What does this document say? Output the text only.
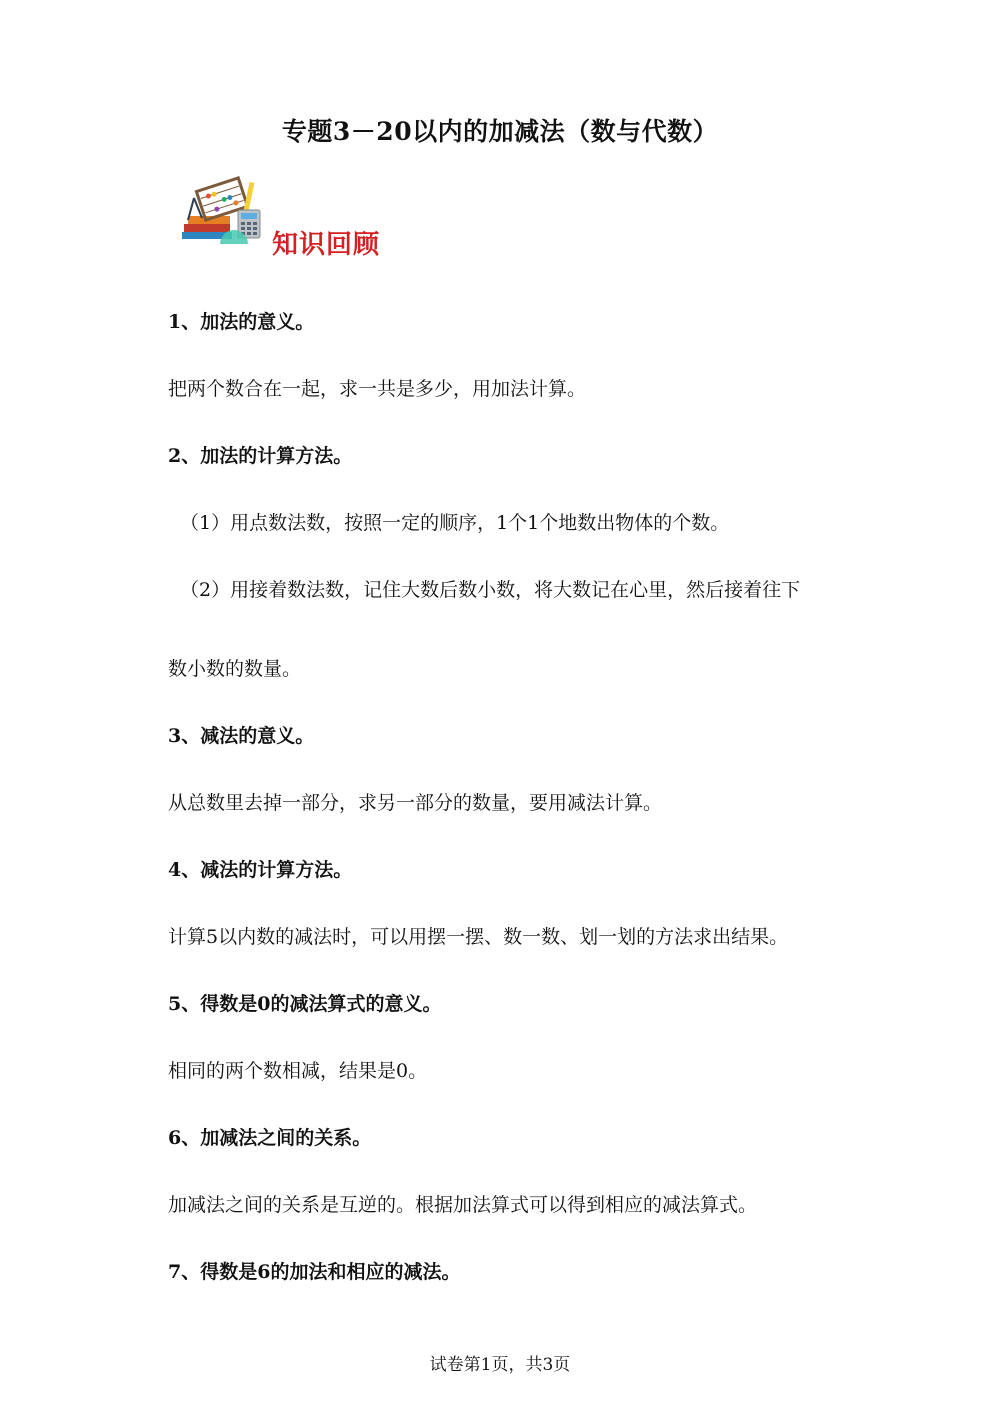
专题3－20以内的加减法（数与代数）
知识回顾
1、加法的意义。
把两个数合在一起，求一共是多少，用加法计算。
2、加法的计算方法。
（1）用点数法数，按照一定的顺序，1个1个地数出物体的个数。
（2）用接着数法数，记住大数后数小数，将大数记在心里，然后接着往下
数小数的数量。
3、减法的意义。
从总数里去掉一部分，求另一部分的数量，要用减法计算。
4、减法的计算方法。
计算5以内数的减法时，可以用摆一摆、数一数、划一划的方法求出结果。
5、得数是0的减法算式的意义。
相同的两个数相减，结果是0。
6、加减法之间的关系。
加减法之间的关系是互逆的。根据加法算式可以得到相应的减法算式。
7、得数是6的加法和相应的减法。
试卷第1页，共3页
